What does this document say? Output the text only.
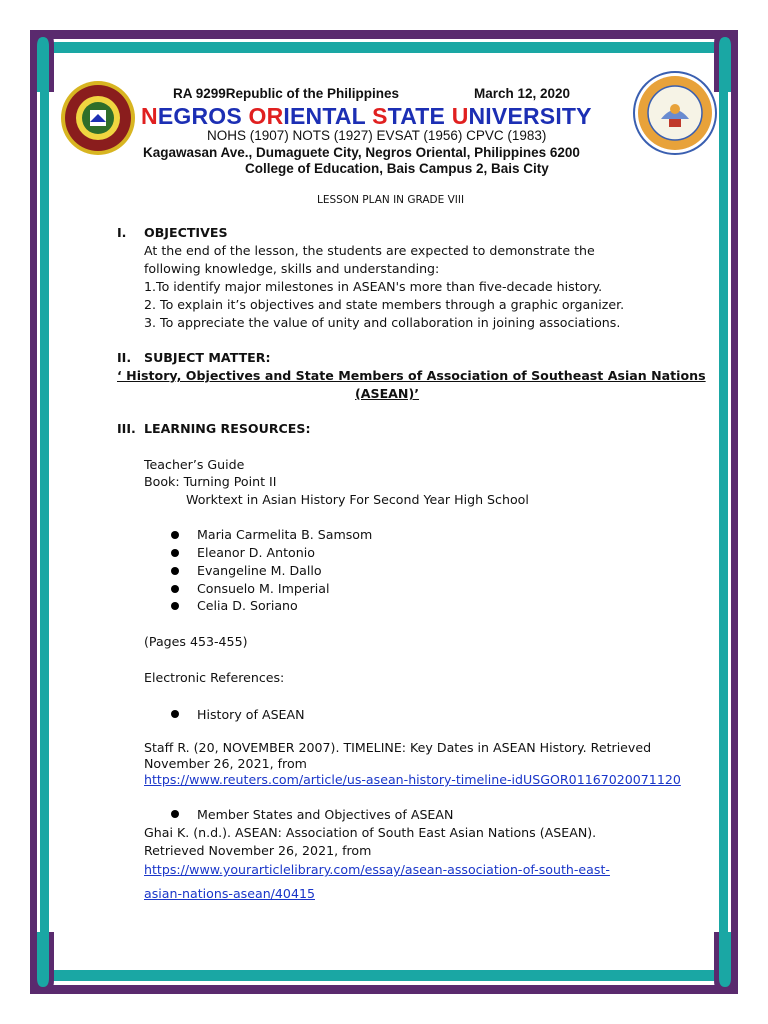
RA 9299Republic of the Philippines	March 12, 2020
NEGROS ORIENTAL STATE UNIVERSITY
NOHS (1907) NOTS (1927) EVSAT (1956) CPVC (1983)
Kagawasan Ave., Dumaguete City, Negros Oriental, Philippines 6200
College of Education, Bais Campus 2, Bais City
LESSON PLAN IN GRADE VIII
I. OBJECTIVES
At the end of the lesson, the students are expected to demonstrate the
following knowledge, skills and understanding:
1.To identify major milestones in ASEAN's more than five-decade history.
2. To explain it’s objectives and state members through a graphic organizer.
3. To appreciate the value of unity and collaboration in joining associations.
II. SUBJECT MATTER:
‘ History, Objectives and State Members of Association of Southeast Asian Nations
(ASEAN)’
III. LEARNING RESOURCES:
Teacher’s Guide
Book: Turning Point II
Worktext in Asian History For Second Year High School
Maria Carmelita B. Samsom
Eleanor D. Antonio
Evangeline M. Dallo
Consuelo M. Imperial
Celia D. Soriano
(Pages 453-455)
Electronic References:
History of ASEAN
Staff R. (20, NOVEMBER 2007). TIMELINE: Key Dates in ASEAN History. Retrieved
November 26, 2021, from
https://www.reuters.com/article/us-asean-history-timeline-idUSGOR01167020071120
Member States and Objectives of ASEAN
Ghai K. (n.d.). ASEAN: Association of South East Asian Nations (ASEAN).
Retrieved November 26, 2021, from
https://www.yourarticlelibrary.com/essay/asean-association-of-south-east-
asian-nations-asean/40415
